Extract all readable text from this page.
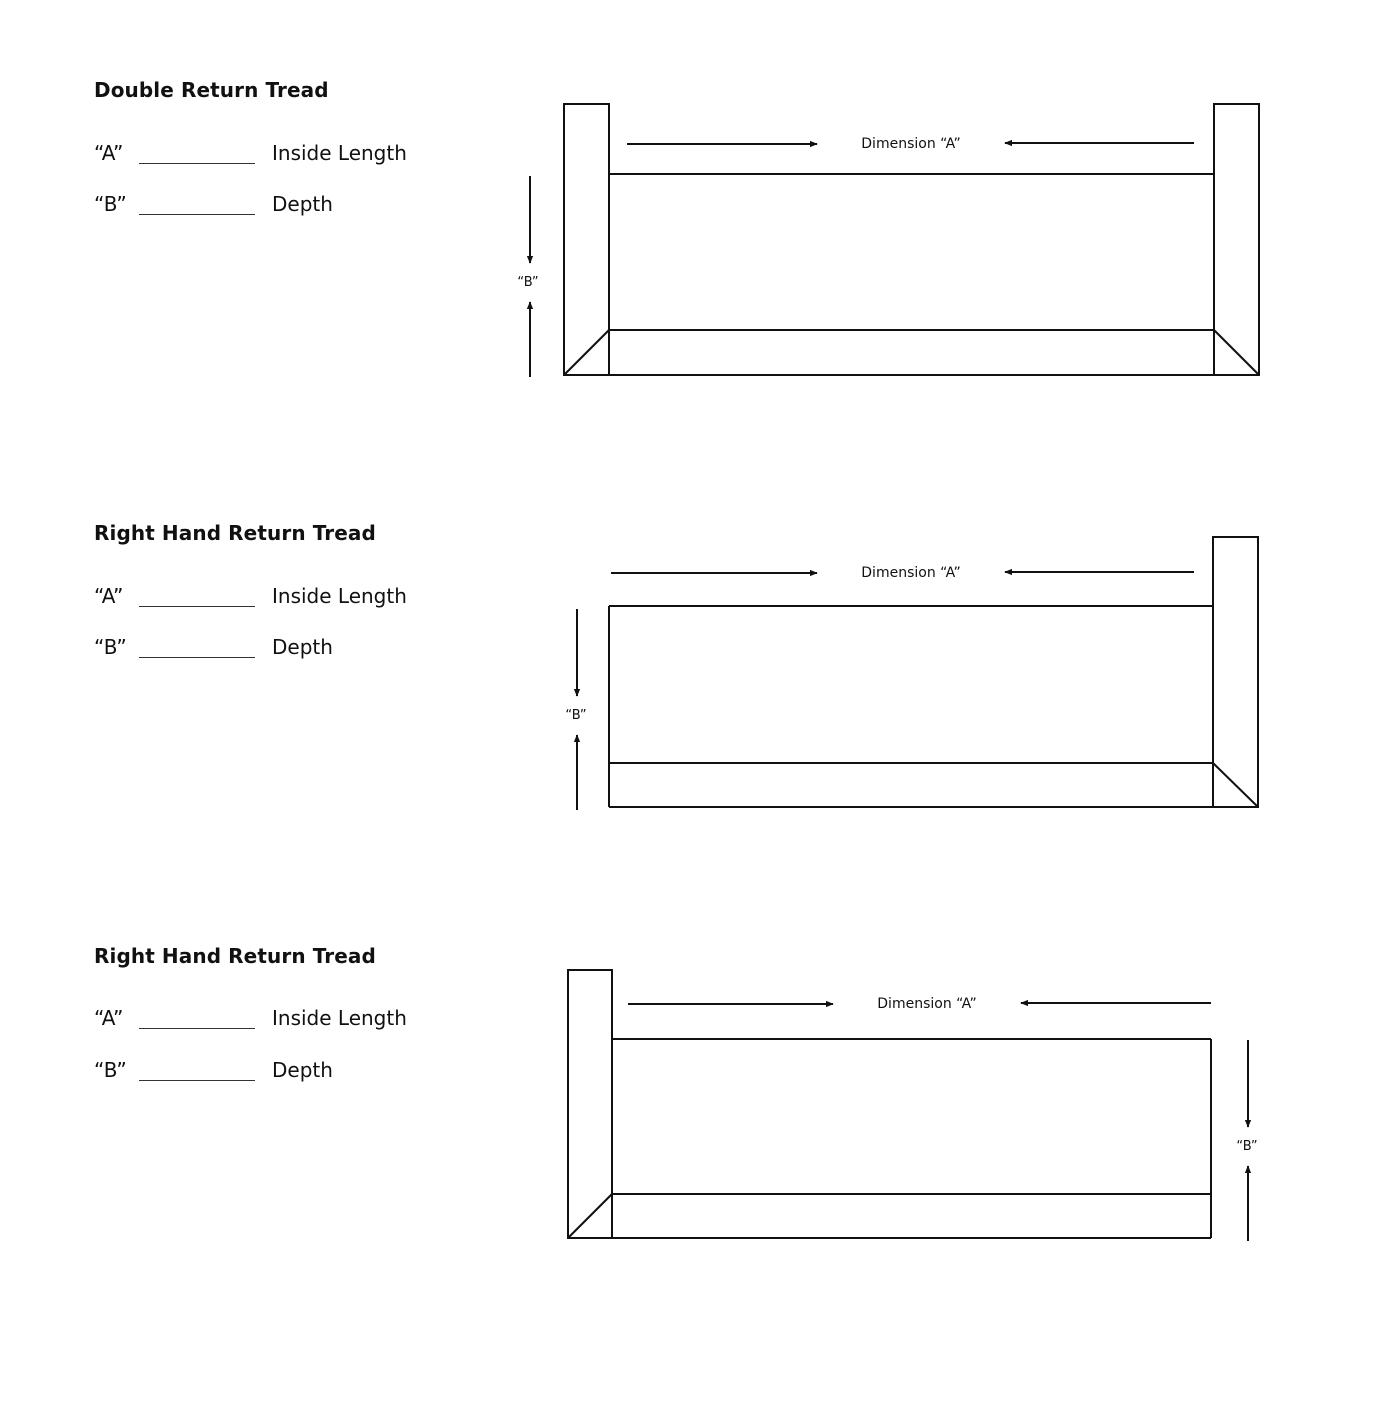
Double Return Tread
“A”	Inside Length
“B”	Depth
Dimension “A”
“B”
Dimension “A”
“B”
Dimension “A”
“B”
Right Hand Return Tread
“A”	Inside Length
“B”	Depth
Right Hand Return Tread
“A”	Inside Length
“B”	Depth
